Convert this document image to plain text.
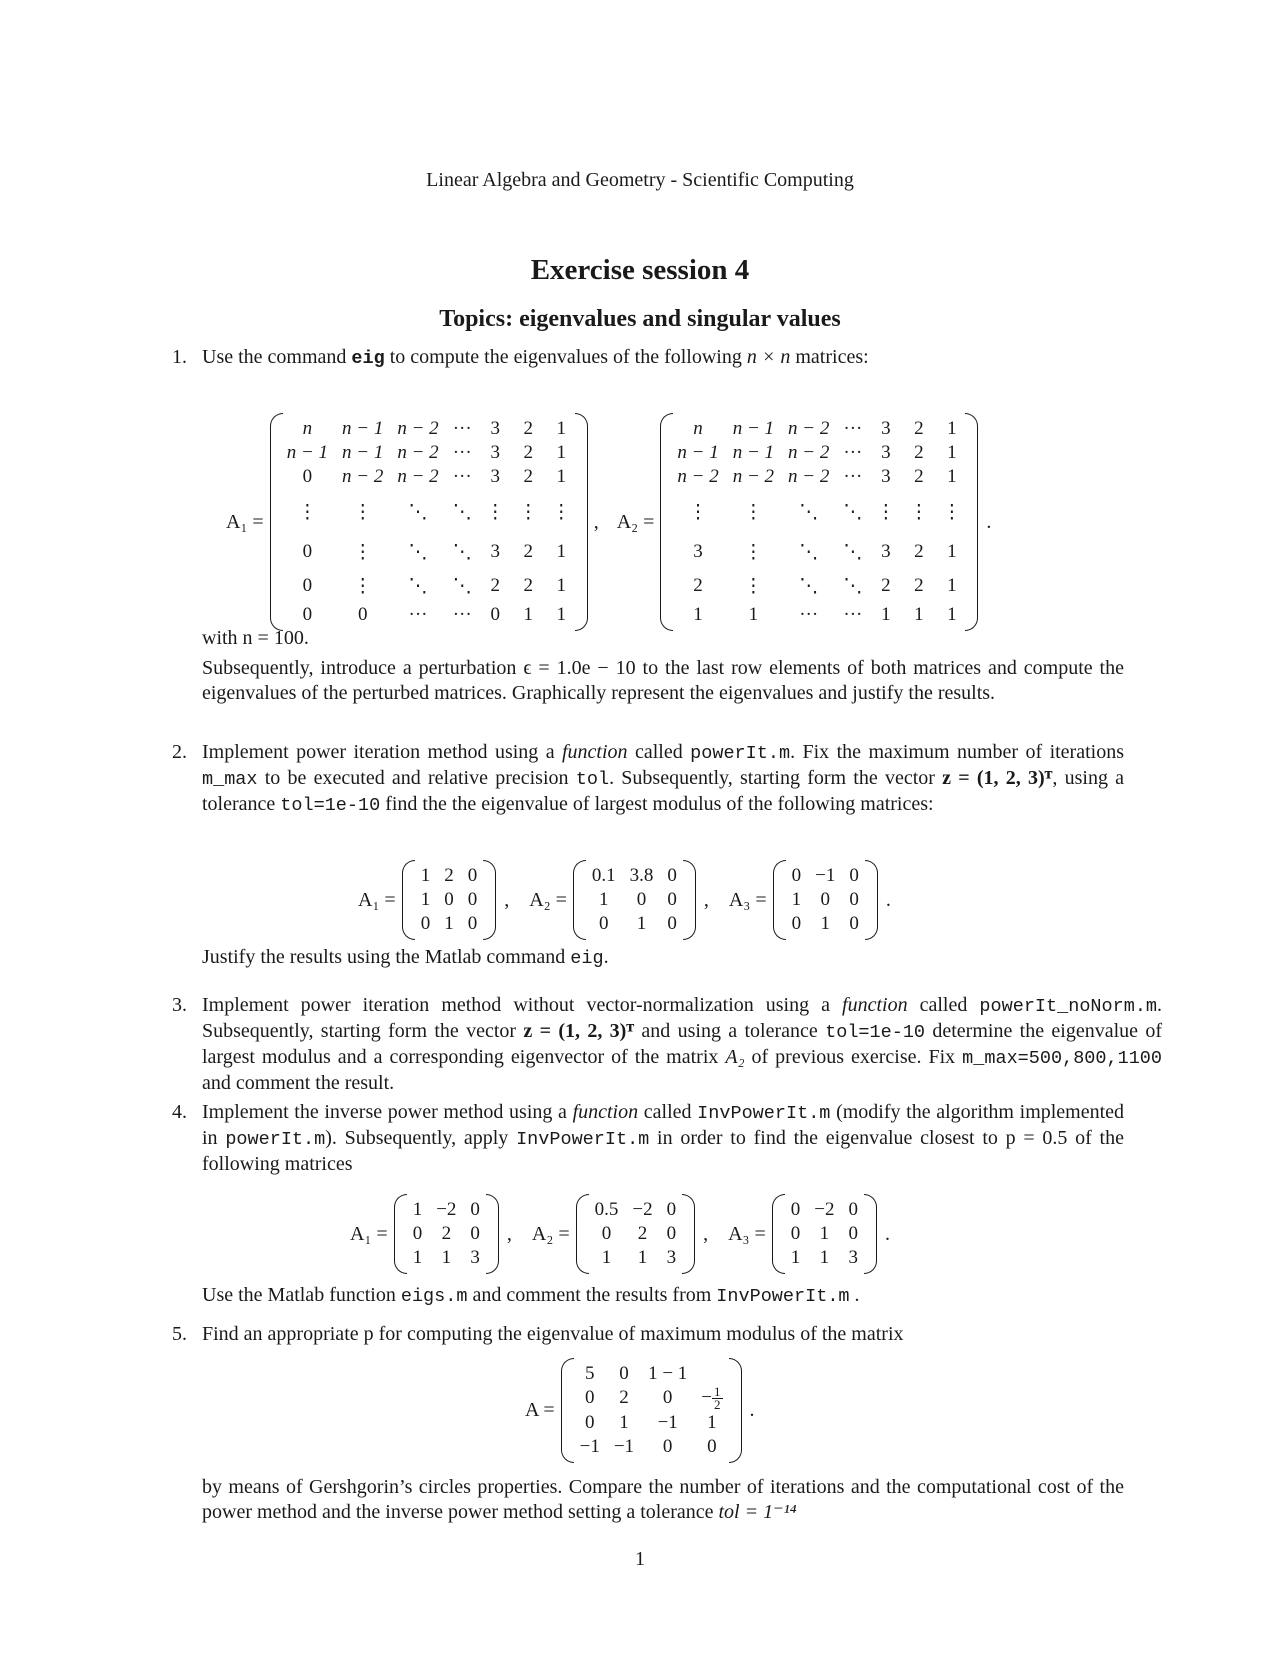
Linear Algebra and Geometry - Scientific Computing
Exercise session 4
Topics: eigenvalues and singular values
1. Use the command eig to compute the eigenvalues of the following n × n matrices:
A₁ =
n	n − 1	n − 2	···	3	2	1
n − 1	n − 1	n − 2	···	3	2	1
0	n − 2	n − 2	···	3	2	1
⋮	⋮	⋱	⋱	⋮	⋮	⋮
0	⋮	⋱	⋱	3	2	1
0	⋮	⋱	⋱	2	2	1
0	0	···	···	0	1	1
, A₂ =
n	n − 1	n − 2	···	3	2	1
n − 1	n − 1	n − 2	···	3	2	1
n − 2	n − 2	n − 2	···	3	2	1
⋮	⋮	⋱	⋱	⋮	⋮	⋮
3	⋮	⋱	⋱	3	2	1
2	⋮	⋱	⋱	2	2	1
1	1	···	···	1	1	1
.
with n = 100.
Subsequently, introduce a perturbation ϵ = 1.0e − 10 to the last row elements of both matrices and compute the eigenvalues of the perturbed matrices. Graphically represent the eigenvalues and justify the results.
2. Implement power iteration method using a function called powerIt.m. Fix the maximum number of iterations m_max to be executed and relative precision tol. Subsequently, starting form the vector z = (1, 2, 3)ᵀ, using a tolerance tol=1e-10 find the the eigenvalue of largest modulus of the following matrices:
A₁ =
1	2	0
1	0	0
0	1	0
, A₂ =
0.1	3.8	0
1	0	0
0	1	0
, A₃ =
0	−1	0
1	0	0
0	1	0
.
Justify the results using the Matlab command eig.
3. Implement power iteration method without vector-normalization using a function called powerIt_noNorm.m. Subsequently, starting form the vector z = (1, 2, 3)ᵀ and using a tolerance tol=1e-10 determine the eigenvalue of largest modulus and a corresponding eigenvector of the matrix A₂ of previous exercise. Fix m_max=500,800,1100 and comment the result.
4. Implement the inverse power method using a function called InvPowerIt.m (modify the algorithm implemented in powerIt.m). Subsequently, apply InvPowerIt.m in order to find the eigenvalue closest to p = 0.5 of the following matrices
A₁ =
1	−2	0
0	2	0
1	1	3
, A₂ =
0.5	−2	0
0	2	0
1	1	3
, A₃ =
0	−2	0
0	1	0
1	1	3
.
Use the Matlab function eigs.m and comment the results from InvPowerIt.m .
5. Find an appropriate p for computing the eigenvalue of maximum modulus of the matrix
A =
5	0	1 − 1	
0	2	0	− $\frac{1}{2}$

0	1	−1	1
−1	−1	0	0
.
by means of Gershgorin’s circles properties. Compare the number of iterations and the computational cost of the power method and the inverse power method setting a tolerance tol = 1⁻¹⁴
1
